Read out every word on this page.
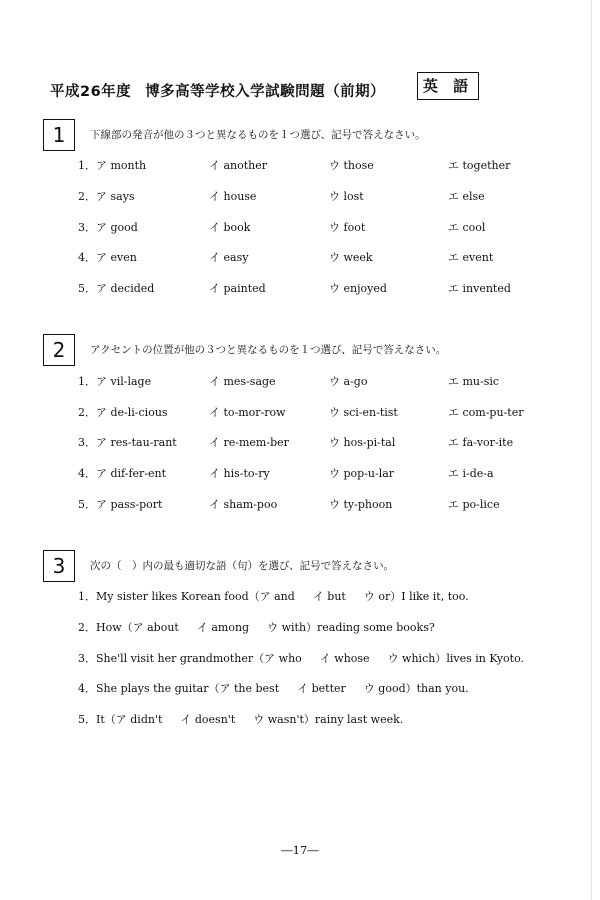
平成26年度 博多高等学校入学試験問題（前期）	英 語
1	下線部の発音が他の３つと異なるものを１つ選び、記号で答えなさい。
1．ア month	イ another	ウ those	エ together
2．ア says	イ house	ウ lost	エ else
3．ア good	イ book	ウ foot	エ cool
4．ア even	イ easy	ウ week	エ event
5．ア decided	イ painted	ウ enjoyed	エ invented
2	アクセントの位置が他の３つと異なるものを１つ選び、記号で答えなさい。
1．ア vil-lage	イ mes-sage	ウ a-go	エ mu-sic
2．ア de-li-cious	イ to-mor-row	ウ sci-en-tist	エ com-pu-ter
3．ア res-tau-rant	イ re-mem-ber	ウ hos-pi-tal	エ fa-vor-ite
4．ア dif-fer-ent	イ his-to-ry	ウ pop-u-lar	エ i-de-a
5．ア pass-port	イ sham-poo	ウ ty-phoon	エ po-lice
3	次の（　）内の最も適切な語（句）を選び、記号で答えなさい。
1．My sister likes Korean food（ア and イ but ウ or）I like it, too.
2．How（ア about イ among ウ with）reading some books?
3．She'll visit her grandmother（ア who イ whose ウ which）lives in Kyoto.
4．She plays the guitar（ア the best イ better ウ good）than you.
5．It（ア didn't イ doesn't ウ wasn't）rainy last week.
―17―
